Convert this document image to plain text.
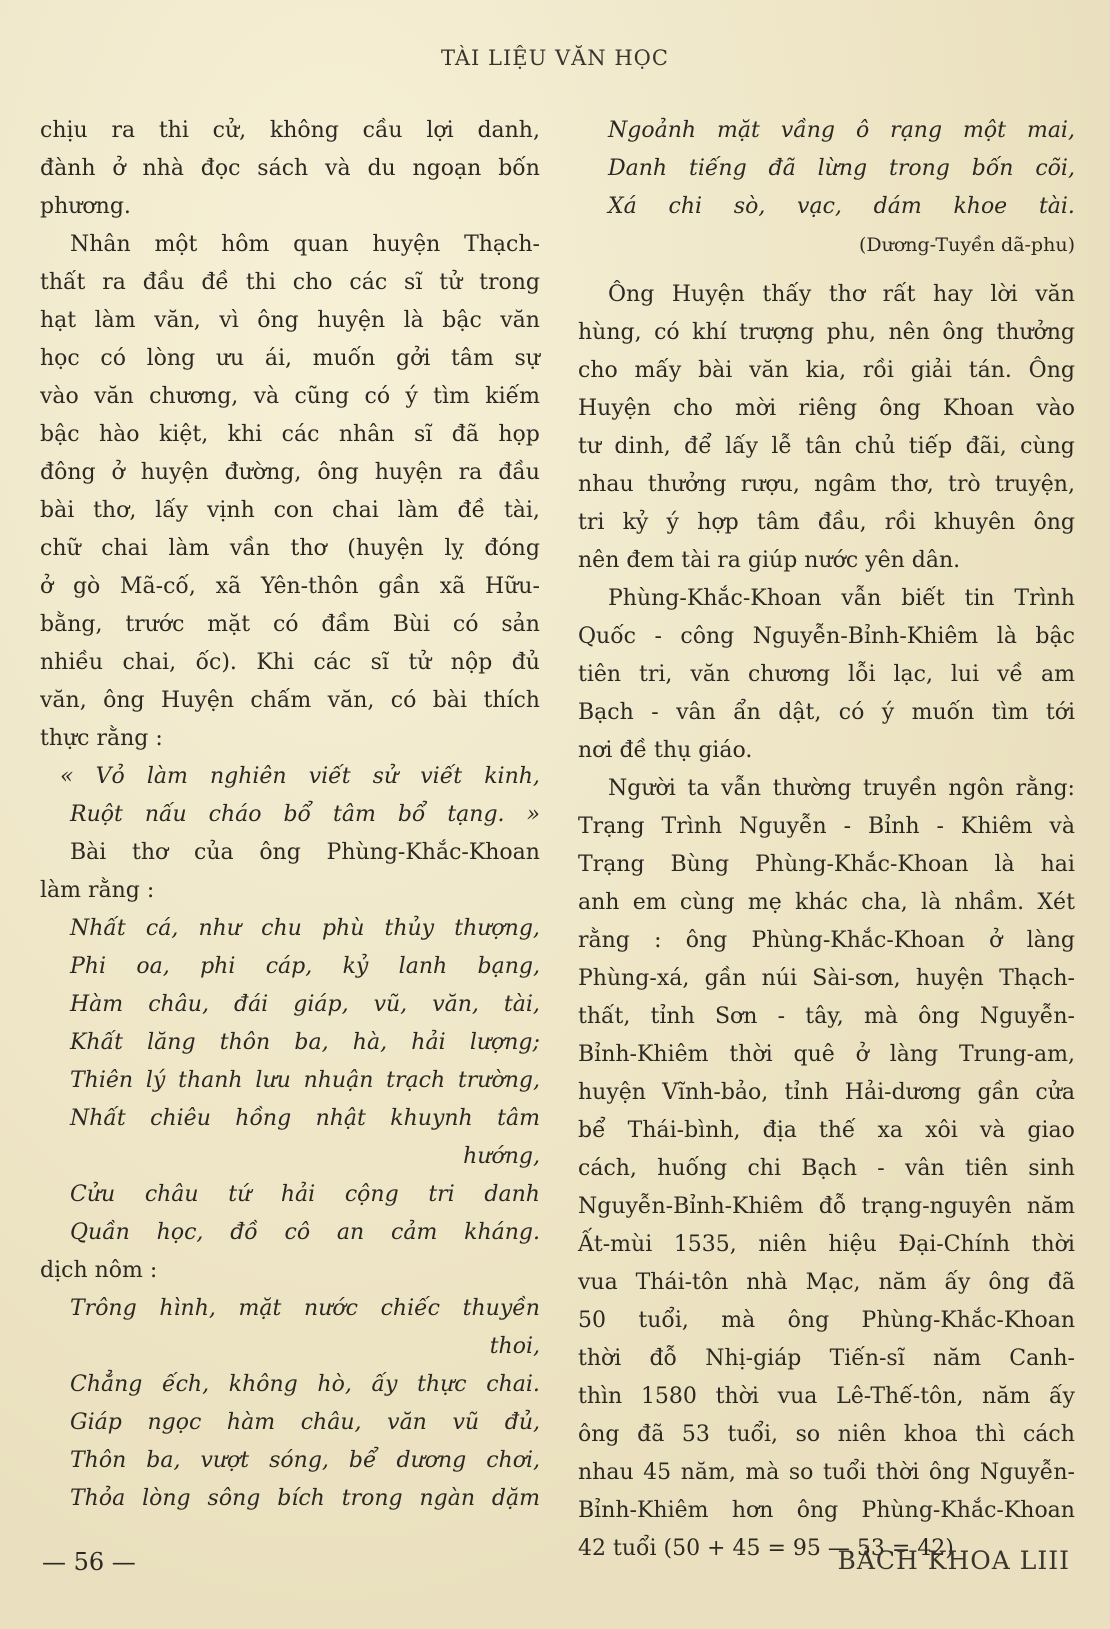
TÀI LIỆU VĂN HỌC
chịu ra thi cử, không cầu lợi danh,
đành ở nhà đọc sách và du ngoạn bốn
phương.
Nhân một hôm quan huyện Thạch-
thất ra đầu đề thi cho các sĩ tử trong
hạt làm văn, vì ông huyện là bậc văn
học có lòng ưu ái, muốn gởi tâm sự
vào văn chương, và cũng có ý tìm kiếm
bậc hào kiệt, khi các nhân sĩ đã họp
đông ở huyện đường, ông huyện ra đầu
bài thơ, lấy vịnh con chai làm đề tài,
chữ chai làm vần thơ (huyện lỵ đóng
ở gò Mã-cố, xã Yên-thôn gần xã Hữu-
bằng, trước mặt có đầm Bùi có sản
nhiều chai, ốc). Khi các sĩ tử nộp đủ
văn, ông Huyện chấm văn, có bài thích
thực rằng :
« Vỏ làm nghiên viết sử viết kinh,
Ruột nấu cháo bổ tâm bổ tạng. »
Bài thơ của ông Phùng-Khắc-Khoan
làm rằng :
Nhất cá, như chu phù thủy thượng,
Phi oa, phi cáp, kỷ lanh bạng,
Hàm châu, đái giáp, vũ, văn, tài,
Khất lăng thôn ba, hà, hải lượng;
Thiên lý thanh lưu nhuận trạch trường,
Nhất chiêu hồng nhật khuynh tâm
hướng,
Cửu châu tứ hải cộng tri danh
Quần học, đồ cô an cảm kháng.
dịch nôm :
Trông hình, mặt nước chiếc thuyền
thoi,
Chẳng ếch, không hò, ấy thực chai.
Giáp ngọc hàm châu, văn vũ đủ,
Thôn ba, vượt sóng, bể dương chơi,
Thỏa lòng sông bích trong ngàn dặm
Ngoảnh mặt vầng ô rạng một mai,
Danh tiếng đã lừng trong bốn cõi,
Xá chi sò, vạc, dám khoe tài.
(Dương-Tuyền dã-phu)
Ông Huyện thấy thơ rất hay lời văn
hùng, có khí trượng phu, nên ông thưởng
cho mấy bài văn kia, rồi giải tán. Ông
Huyện cho mời riêng ông Khoan vào
tư dinh, để lấy lễ tân chủ tiếp đãi, cùng
nhau thưởng rượu, ngâm thơ, trò truyện,
tri kỷ ý hợp tâm đầu, rồi khuyên ông
nên đem tài ra giúp nước yên dân.
Phùng-Khắc-Khoan vẫn biết tin Trình
Quốc - công Nguyễn-Bỉnh-Khiêm là bậc
tiên tri, văn chương lỗi lạc, lui về am
Bạch - vân ẩn dật, có ý muốn tìm tới
nơi đề thụ giáo.
Người ta vẫn thường truyền ngôn rằng:
Trạng Trình Nguyễn - Bỉnh - Khiêm và
Trạng Bùng Phùng-Khắc-Khoan là hai
anh em cùng mẹ khác cha, là nhầm. Xét
rằng : ông Phùng-Khắc-Khoan ở làng
Phùng-xá, gần núi Sài-sơn, huyện Thạch-
thất, tỉnh Sơn - tây, mà ông Nguyễn-
Bỉnh-Khiêm thời quê ở làng Trung-am,
huyện Vĩnh-bảo, tỉnh Hải-dương gần cửa
bể Thái-bình, địa thế xa xôi và giao
cách, huống chi Bạch - vân tiên sinh
Nguyễn-Bỉnh-Khiêm đỗ trạng-nguyên năm
Ất-mùi 1535, niên hiệu Đại-Chính thời
vua Thái-tôn nhà Mạc, năm ấy ông đã
50 tuổi, mà ông Phùng-Khắc-Khoan
thời đỗ Nhị-giáp Tiến-sĩ năm Canh-
thìn 1580 thời vua Lê-Thế-tôn, năm ấy
ông đã 53 tuổi, so niên khoa thì cách
nhau 45 năm, mà so tuổi thời ông Nguyễn-
Bỉnh-Khiêm hơn ông Phùng-Khắc-Khoan
42 tuổi (50 + 45 = 95 — 53 = 42)
— 56 —	BÁCH KHOA LIII
